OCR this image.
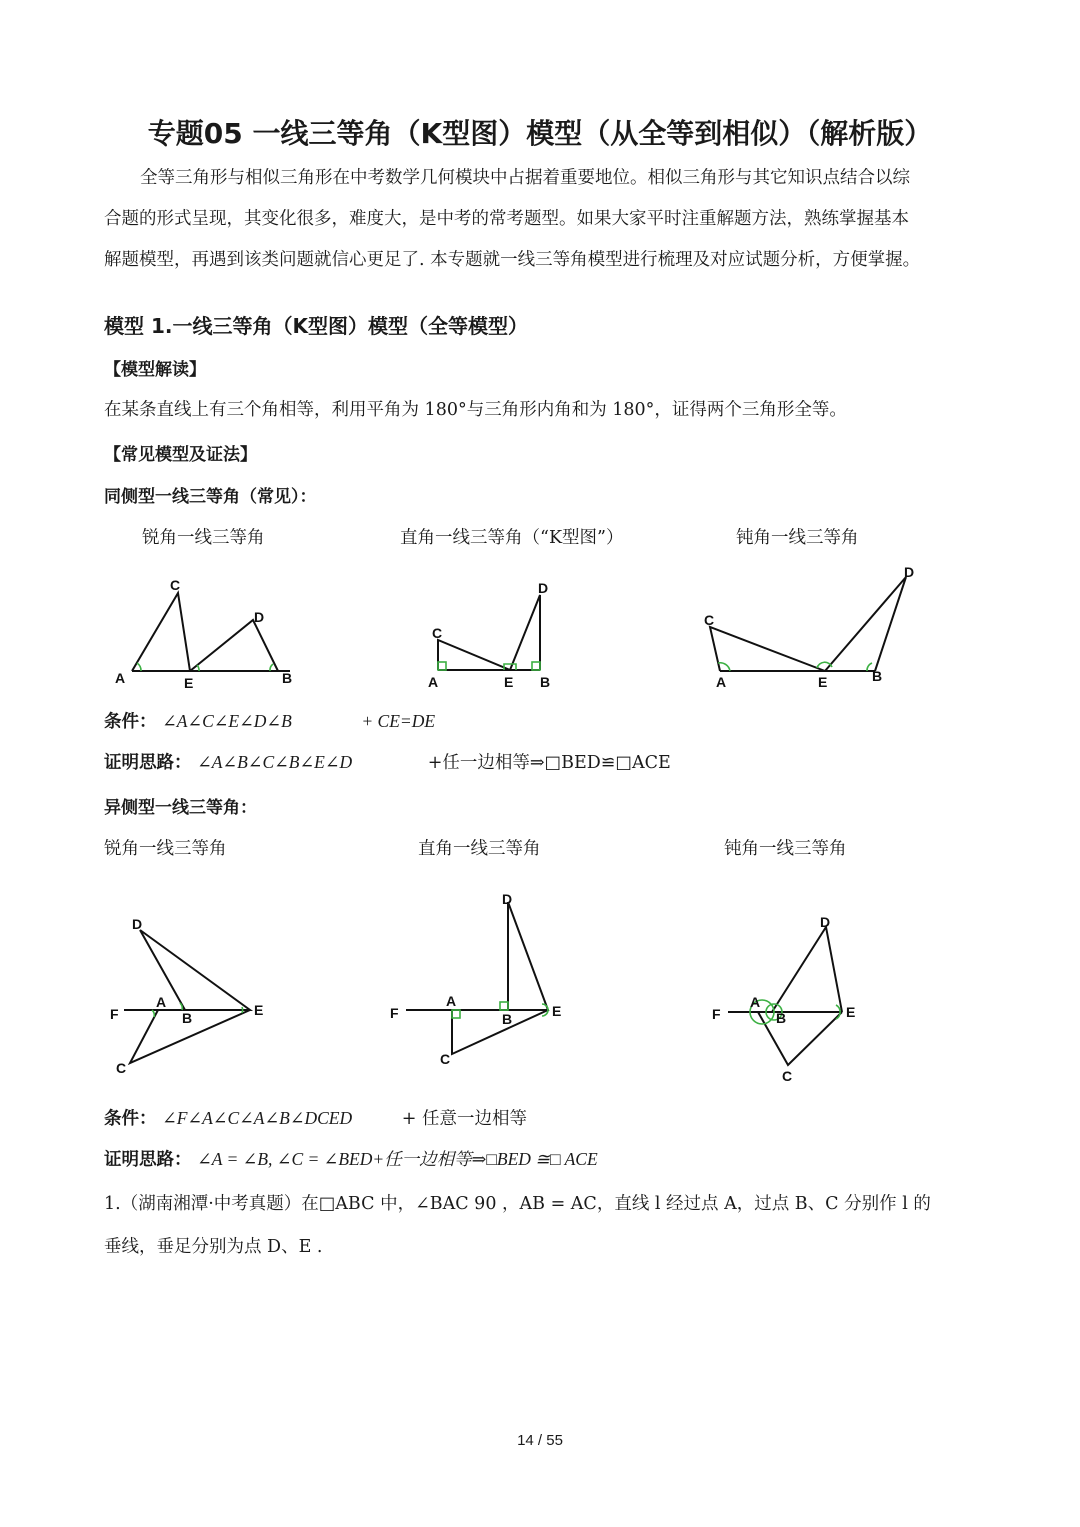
专题05 一线三等角（K型图）模型（从全等到相似）（解析版）

全等三角形与相似三角形在中考数学几何模块中占据着重要地位。相似三角形与其它知识点结合以综

合题的形式呈现，其变化很多，难度大，是中考的常考题型。如果大家平时注重解题方法，熟练掌握基本

解题模型，再遇到该类问题就信心更足了. 本专题就一线三等角模型进行梳理及对应试题分析，方便掌握。

模型 1.一线三等角（K型图）模型（全等模型）
【模型解读】
在某条直线上有三个角相等，利用平角为 180°与三角形内角和为 180°，证得两个三角形全等。
【常见模型及证法】
同侧型一线三等角（常见）：
锐角一线三等角	直角一线三等角（“K型图”）	钝角一线三等角
A
C
E
D
B
C
A	E
D
B
C
A	E
D
B
条件： ∠A∠C∠E∠D∠B	+ CE=DE
证明思路： ∠A∠B∠C∠B∠E∠D	+任一边相等⇒□BED≌□ACE
异侧型一线三等角：
锐角一线三等角	直角一线三等角	钝角一线三等角
D
F
A
B	E
C
D
F
A
B	E
C
D
F
A
B	E
C
条件： ∠F∠A∠C∠A∠B∠DCED	+ 任意一边相等
证明思路： ∠A = ∠B, ∠C = ∠BED+任一边相等⇒□BED ≅□ ACE
1.（湖南湘潭·中考真题）在□ABC 中，∠BAC 90 ，AB = AC，直线 l 经过点 A，过点 B、C 分别作 l 的
垂线，垂足分别为点 D、E .
14 / 55
